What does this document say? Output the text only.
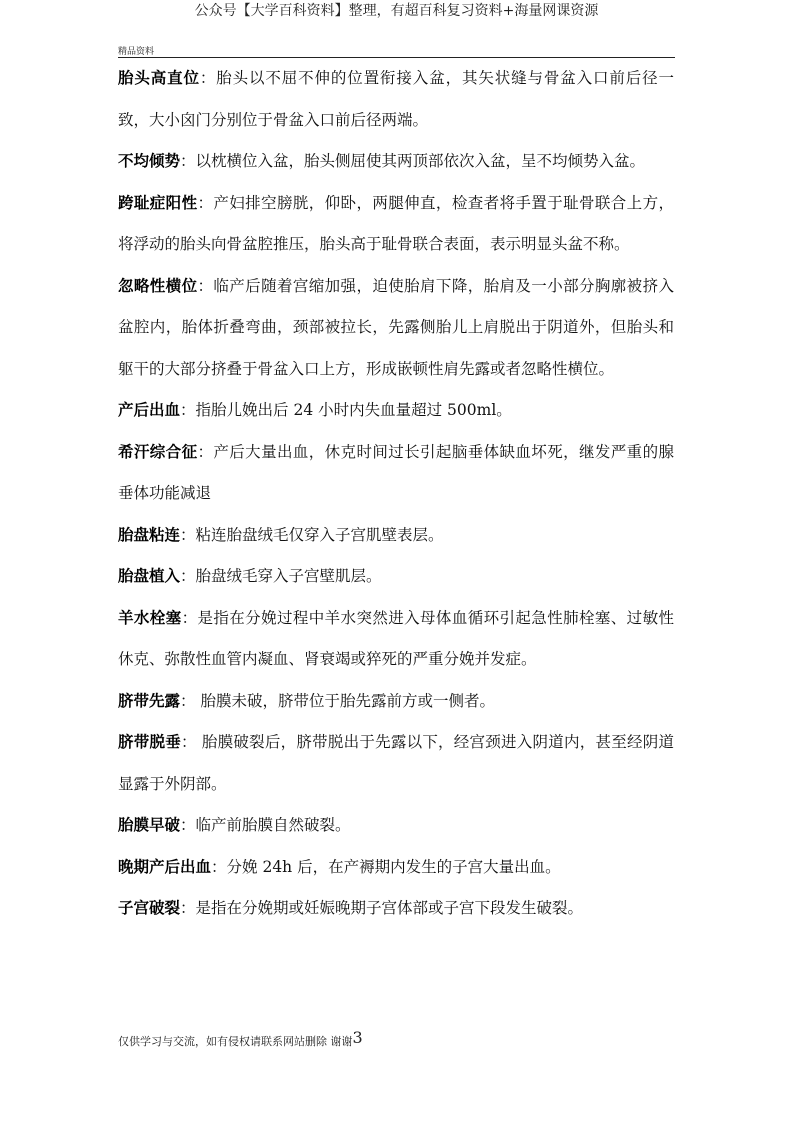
公众号【大学百科资料】整理，有超百科复习资料+海量网课资源
精品资料

胎头高直位：胎头以不屈不伸的位置衔接入盆，其矢状缝与骨盆入口前后径一致，大小囟门分别位于骨盆入口前后径两端。

不均倾势：以枕横位入盆，胎头侧屈使其两顶部依次入盆，呈不均倾势入盆。

跨耻症阳性：产妇排空膀胱，仰卧，两腿伸直，检查者将手置于耻骨联合上方，将浮动的胎头向骨盆腔推压，胎头高于耻骨联合表面，表示明显头盆不称。

忽略性横位：临产后随着宫缩加强，迫使胎肩下降，胎肩及一小部分胸廓被挤入盆腔内，胎体折叠弯曲，颈部被拉长，先露侧胎儿上肩脱出于阴道外，但胎头和躯干的大部分挤叠于骨盆入口上方，形成嵌顿性肩先露或者忽略性横位。

产后出血：指胎儿娩出后 24 小时内失血量超过 500ml。

希汗综合征：产后大量出血，休克时间过长引起脑垂体缺血坏死，继发严重的腺垂体功能减退

胎盘粘连：粘连胎盘绒毛仅穿入子宫肌壁表层。

胎盘植入：胎盘绒毛穿入子宫壁肌层。

羊水栓塞：是指在分娩过程中羊水突然进入母体血循环引起急性肺栓塞、过敏性休克、弥散性血管内凝血、肾衰竭或猝死的严重分娩并发症。

脐带先露： 胎膜未破，脐带位于胎先露前方或一侧者。

脐带脱垂： 胎膜破裂后，脐带脱出于先露以下，经宫颈进入阴道内，甚至经阴道显露于外阴部。

胎膜早破：临产前胎膜自然破裂。

晚期产后出血：分娩 24h 后，在产褥期内发生的子宫大量出血。

子宫破裂：是指在分娩期或妊娠晚期子宫体部或子宫下段发生破裂。

仅供学习与交流，如有侵权请联系网站删除 谢谢3
